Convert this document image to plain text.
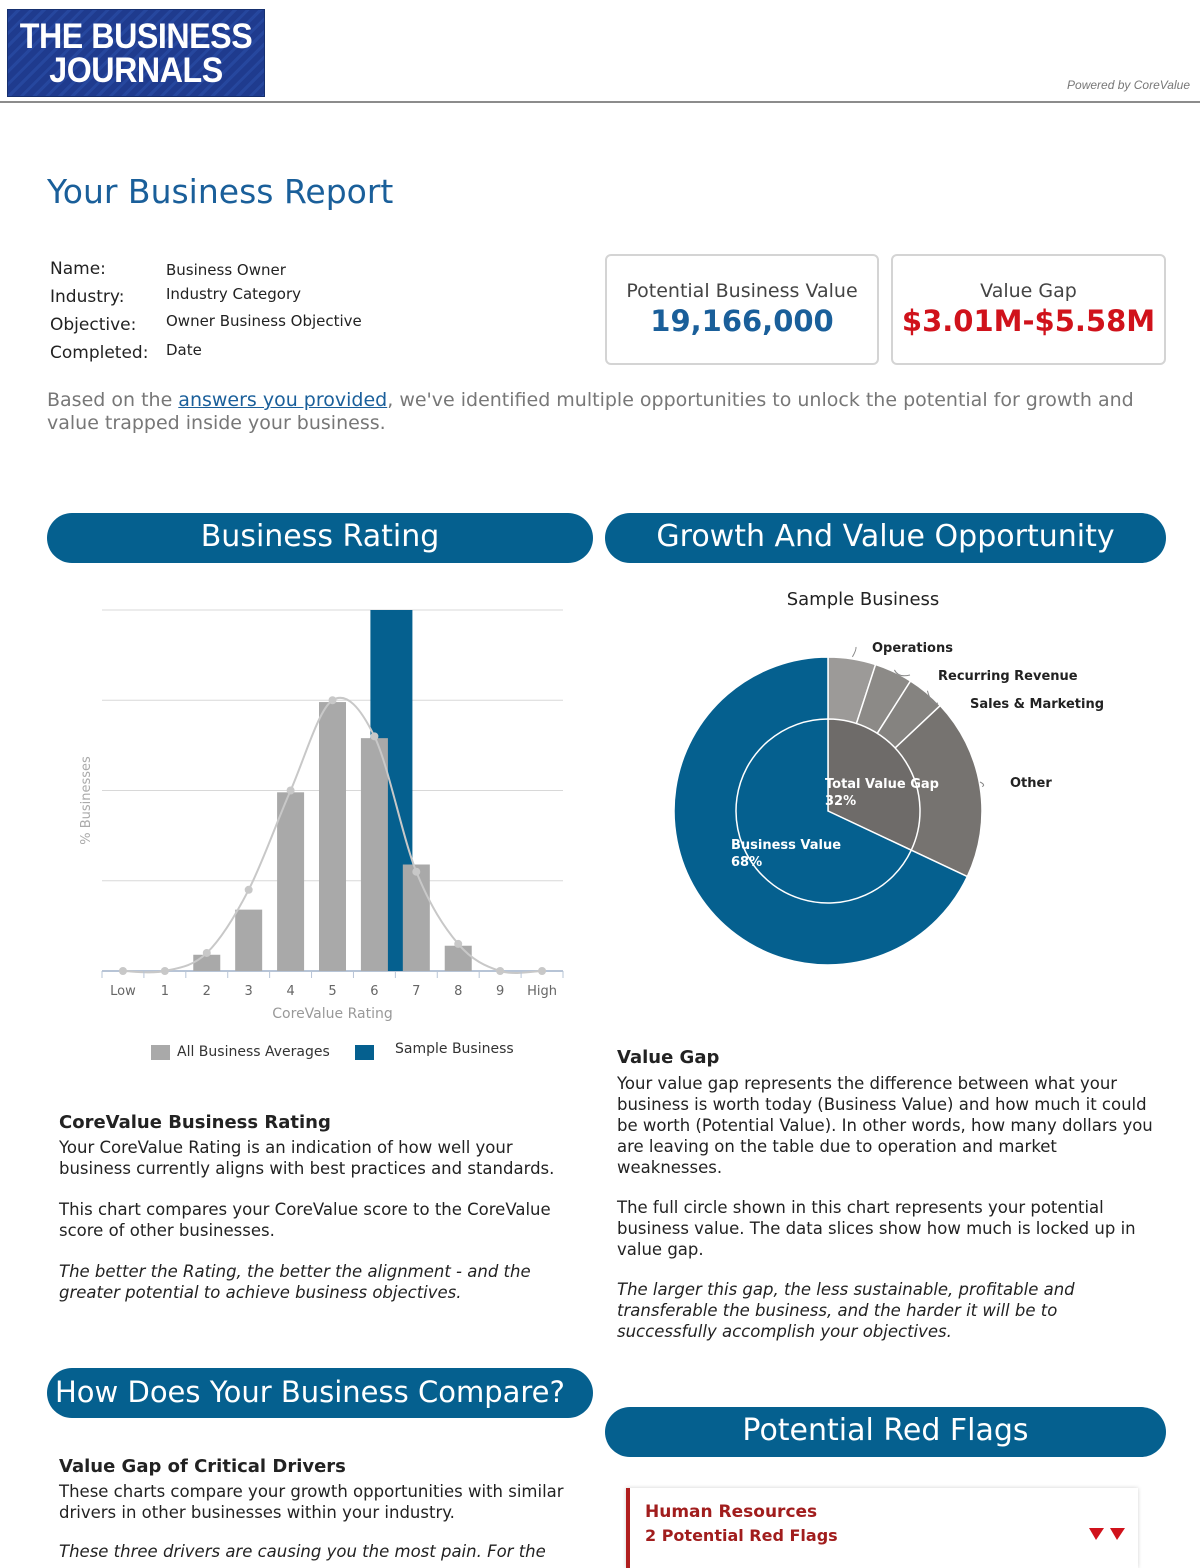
THE BUSINESS
JOURNALS	Powered by CoreValue
Your Business Report
Name:	Business Owner
Industry:	Industry Category
Objective: Owner Business Objective
Completed: Date
Potential Business Value
19,166,000
Value Gap
$3.01M-$5.58M
Based on the answers you provided, we've identified multiple opportunities to unlock the potential for growth and value trapped inside your business.
Business Rating	Growth And Value Opportunity
Low 1	2	3	4	5	6	7	8	9 High
CoreValue Rating
% Businesses
All Business Averages	Sample Business
Sample Business
Operations
Recurring Revenue
Sales & Marketing
Other
Total Value Gap
32%
Business Value
68%
CoreValue Business Rating
Your CoreValue Rating is an indication of how well your business currently aligns with best practices and standards.
This chart compares your CoreValue score to the CoreValue score of other businesses.
The better the Rating, the better the alignment - and the greater potential to achieve business objectives.
Value Gap
Your value gap represents the difference between what your business is worth today (Business Value) and how much it could be worth (Potential Value). In other words, how many dollars you are leaving on the table due to operation and market weaknesses.
The full circle shown in this chart represents your potential business value. The data slices show how much is locked up in value gap.
The larger this gap, the less sustainable, profitable and transferable the business, and the harder it will be to successfully accomplish your objectives.
How Does Your Business Compare?
Value Gap of Critical Drivers
These charts compare your growth opportunities with similar drivers in other businesses within your industry.
These three drivers are causing you the most pain. For the
Potential Red Flags
Human Resources
2 Potential Red Flags
